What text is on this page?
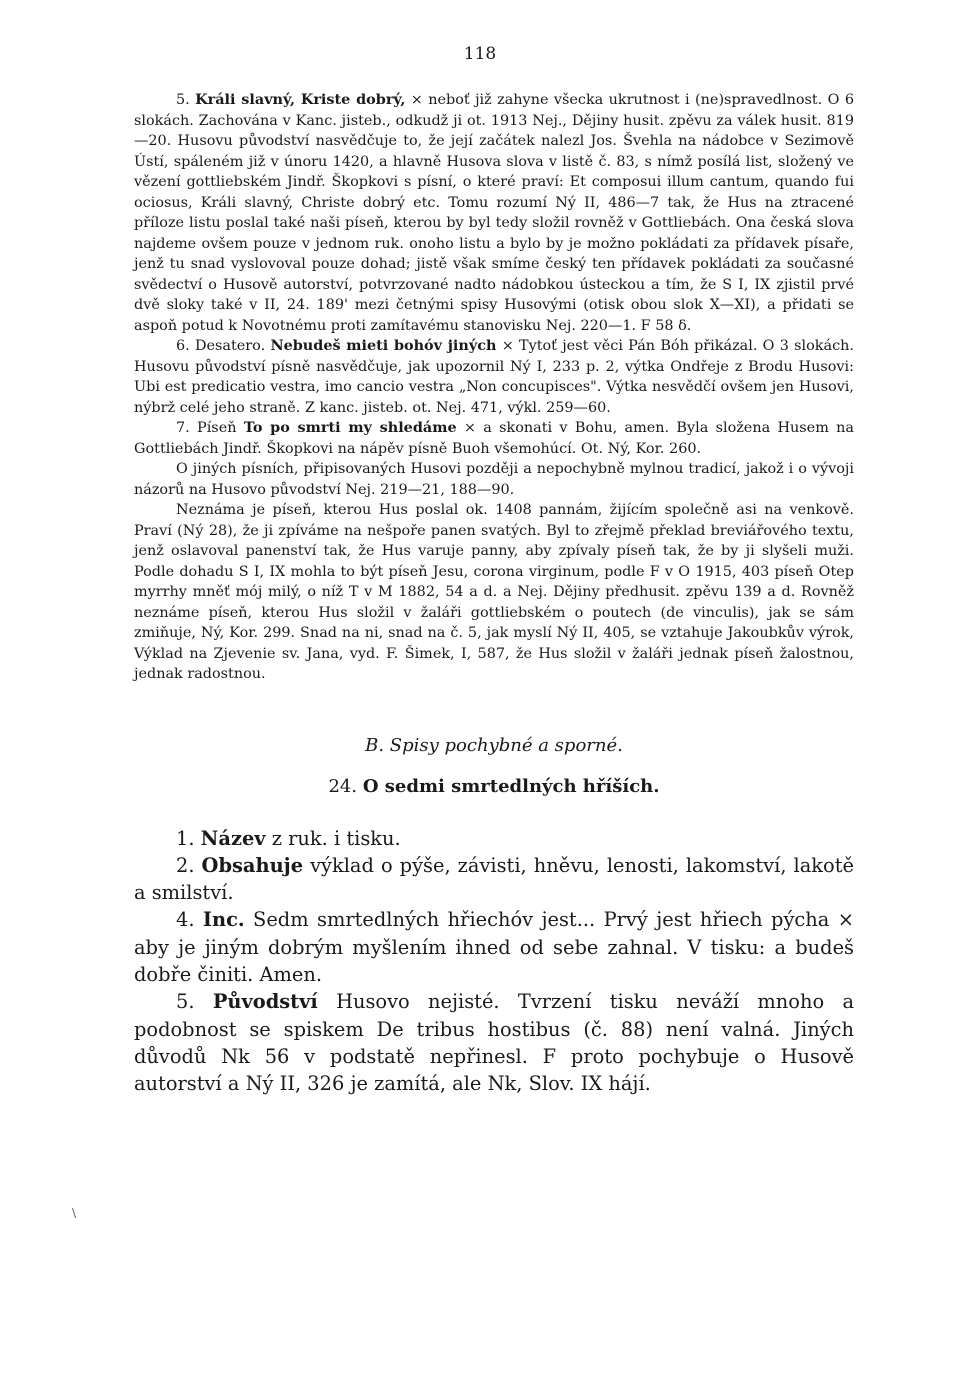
118

5. Králi slavný, Kriste dobrý, × neboť již zahyne všecka ukrutnost i (ne)spravedlnost. O 6 slokách. Zachována v Kanc. jisteb., odkudž ji ot. 1913 Nej., Dějiny husit. zpěvu za válek husit. 819—20. Husovu původství nasvědčuje to, že její začátek nalezl Jos. Švehla na nádobce v Sezimově Ústí, spáleném již v únoru 1420, a hlavně Husova slova v listě č. 83, s nímž posílá list, složený ve vězení gottliebském Jindř. Škopkovi s písní, o které praví: Et composui illum cantum, quando fui ociosus, Králi slavný, Christe dobrý etc. Tomu rozumí Ný II, 486—7 tak, že Hus na ztracené příloze listu poslal také naši píseň, kterou by byl tedy složil rovněž v Gottliebách. Ona česká slova najdeme ovšem pouze v jednom ruk. onoho listu a bylo by je možno pokládati za přídavek písaře, jenž tu snad vyslovoval pouze dohad; jistě však smíme český ten přídavek pokládati za současné svědectví o Husově autorství, potvrzované nadto nádobkou ústeckou a tím, že S I, IX zjistil prvé dvě sloky také v II, 24. 189' mezi četnými spisy Husovými (otisk obou slok X—XI), a přidati se aspoň potud k Novotnému proti zamítavému stanovisku Nej. 220—1. F 58 δ.

6. Desatero. Nebudeš mieti bohóv jiných × Tytoť jest věci Pán Bóh přikázal. O 3 slokách. Husovu původství písně nasvědčuje, jak upozornil Ný I, 233 p. 2, výtka Ondřeje z Brodu Husovi: Ubi est predicatio vestra, imo cancio vestra „Non concupisces". Výtka nesvědčí ovšem jen Husovi, nýbrž celé jeho straně. Z kanc. jisteb. ot. Nej. 471, výkl. 259—60.

7. Píseň To po smrti my shledáme × a skonati v Bohu, amen. Byla složena Husem na Gottliebách Jindř. Škopkovi na nápěv písně Buoh všemohúcí. Ot. Ný, Kor. 260.

O jiných písních, připisovaných Husovi později a nepochybně mylnou tradicí, jakož i o vývoji názorů na Husovo původství Nej. 219—21, 188—90.

Neznáma je píseň, kterou Hus poslal ok. 1408 pannám, žijícím společně asi na venkově. Praví (Ný 28), že ji zpíváme na nešpoře panen svatých. Byl to zřejmě překlad breviářového textu, jenž oslavoval panenství tak, že Hus varuje panny, aby zpívaly píseň tak, že by ji slyšeli muži. Podle dohadu S I, IX mohla to být píseň Jesu, corona virginum, podle F v O 1915, 403 píseň Otep myrrhy mněť mój milý, o níž T v M 1882, 54 a d. a Nej. Dějiny předhusit. zpěvu 139 a d. Rovněž neznáme píseň, kterou Hus složil v žaláři gottliebském o poutech (de vinculis), jak se sám zmiňuje, Ný, Kor. 299. Snad na ni, snad na č. 5, jak myslí Ný II, 405, se vztahuje Jakoubkův výrok, Výklad na Zjevenie sv. Jana, vyd. F. Šimek, I, 587, že Hus složil v žaláři jednak píseň žalostnou, jednak radostnou.

B. Spisy pochybné a sporné.
24. O sedmi smrtedlných hříších.

1. Název z ruk. i tisku.

2. Obsahuje výklad o pýše, závisti, hněvu, lenosti, lakomství, lakotě a smilství.

4. Inc. Sedm smrtedlných hřiechóv jest... Prvý jest hřiech pýcha × aby je jiným dobrým myšlením ihned od sebe zahnal. V tisku: a budeš dobře činiti. Amen.

5. Původství Husovo nejisté. Tvrzení tisku neváží mnoho a podobnost se spiskem De tribus hostibus (č. 88) není valná. Jiných důvodů Nk 56 v podstatě nepřinesl. F proto pochybuje o Husově autorství a Ný II, 326 je zamítá, ale Nk, Slov. IX hájí.

\
